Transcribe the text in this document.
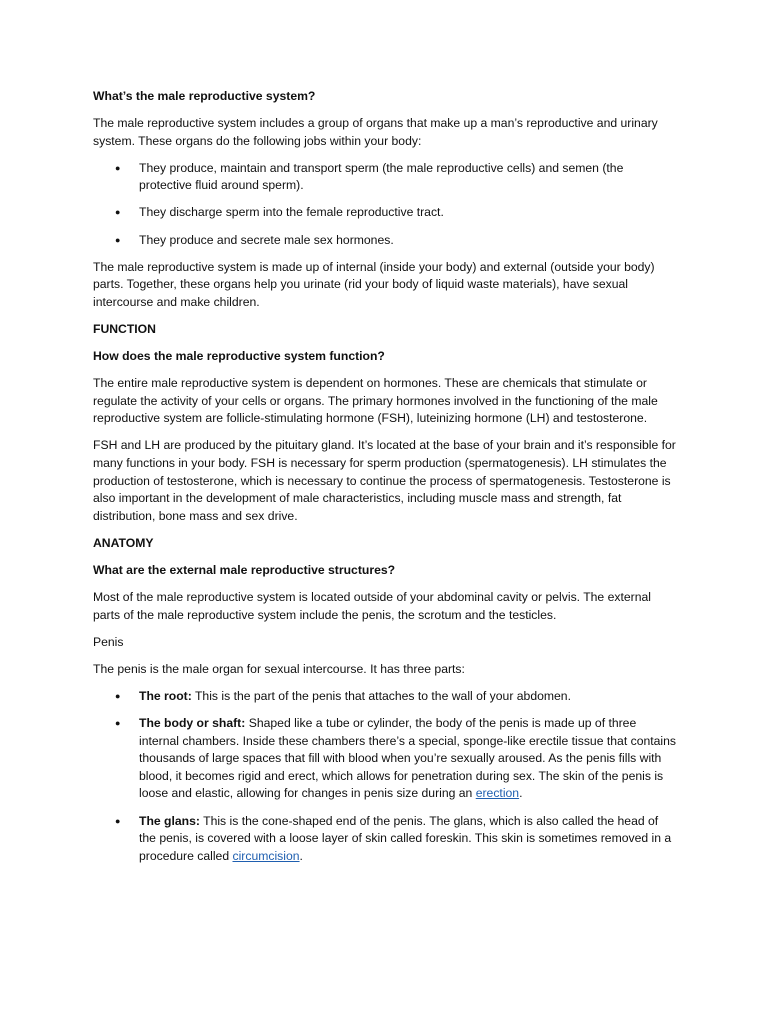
What’s the male reproductive system?

The male reproductive system includes a group of organs that make up a man’s reproductive and urinary system. These organs do the following jobs within your body:

● They produce, maintain and transport sperm (the male reproductive cells) and semen (the protective fluid around sperm).
● They discharge sperm into the female reproductive tract.
● They produce and secrete male sex hormones.

The male reproductive system is made up of internal (inside your body) and external (outside your body) parts. Together, these organs help you urinate (rid your body of liquid waste materials), have sexual intercourse and make children.

FUNCTION

How does the male reproductive system function?

The entire male reproductive system is dependent on hormones. These are chemicals that stimulate or regulate the activity of your cells or organs. The primary hormones involved in the functioning of the male reproductive system are follicle-stimulating hormone (FSH), luteinizing hormone (LH) and testosterone.

FSH and LH are produced by the pituitary gland. It’s located at the base of your brain and it’s responsible for many functions in your body. FSH is necessary for sperm production (spermatogenesis). LH stimulates the production of testosterone, which is necessary to continue the process of spermatogenesis. Testosterone is also important in the development of male characteristics, including muscle mass and strength, fat distribution, bone mass and sex drive.

ANATOMY

What are the external male reproductive structures?

Most of the male reproductive system is located outside of your abdominal cavity or pelvis. The external parts of the male reproductive system include the penis, the scrotum and the testicles.

Penis

The penis is the male organ for sexual intercourse. It has three parts:

● The root: This is the part of the penis that attaches to the wall of your abdomen.
● The body or shaft: Shaped like a tube or cylinder, the body of the penis is made up of three internal chambers. Inside these chambers there’s a special, sponge-like erectile tissue that contains thousands of large spaces that fill with blood when you’re sexually aroused. As the penis fills with blood, it becomes rigid and erect, which allows for penetration during sex. The skin of the penis is loose and elastic, allowing for changes in penis size during an erection.
● The glans: This is the cone-shaped end of the penis. The glans, which is also called the head of the penis, is covered with a loose layer of skin called foreskin. This skin is sometimes removed in a procedure called circumcision.
